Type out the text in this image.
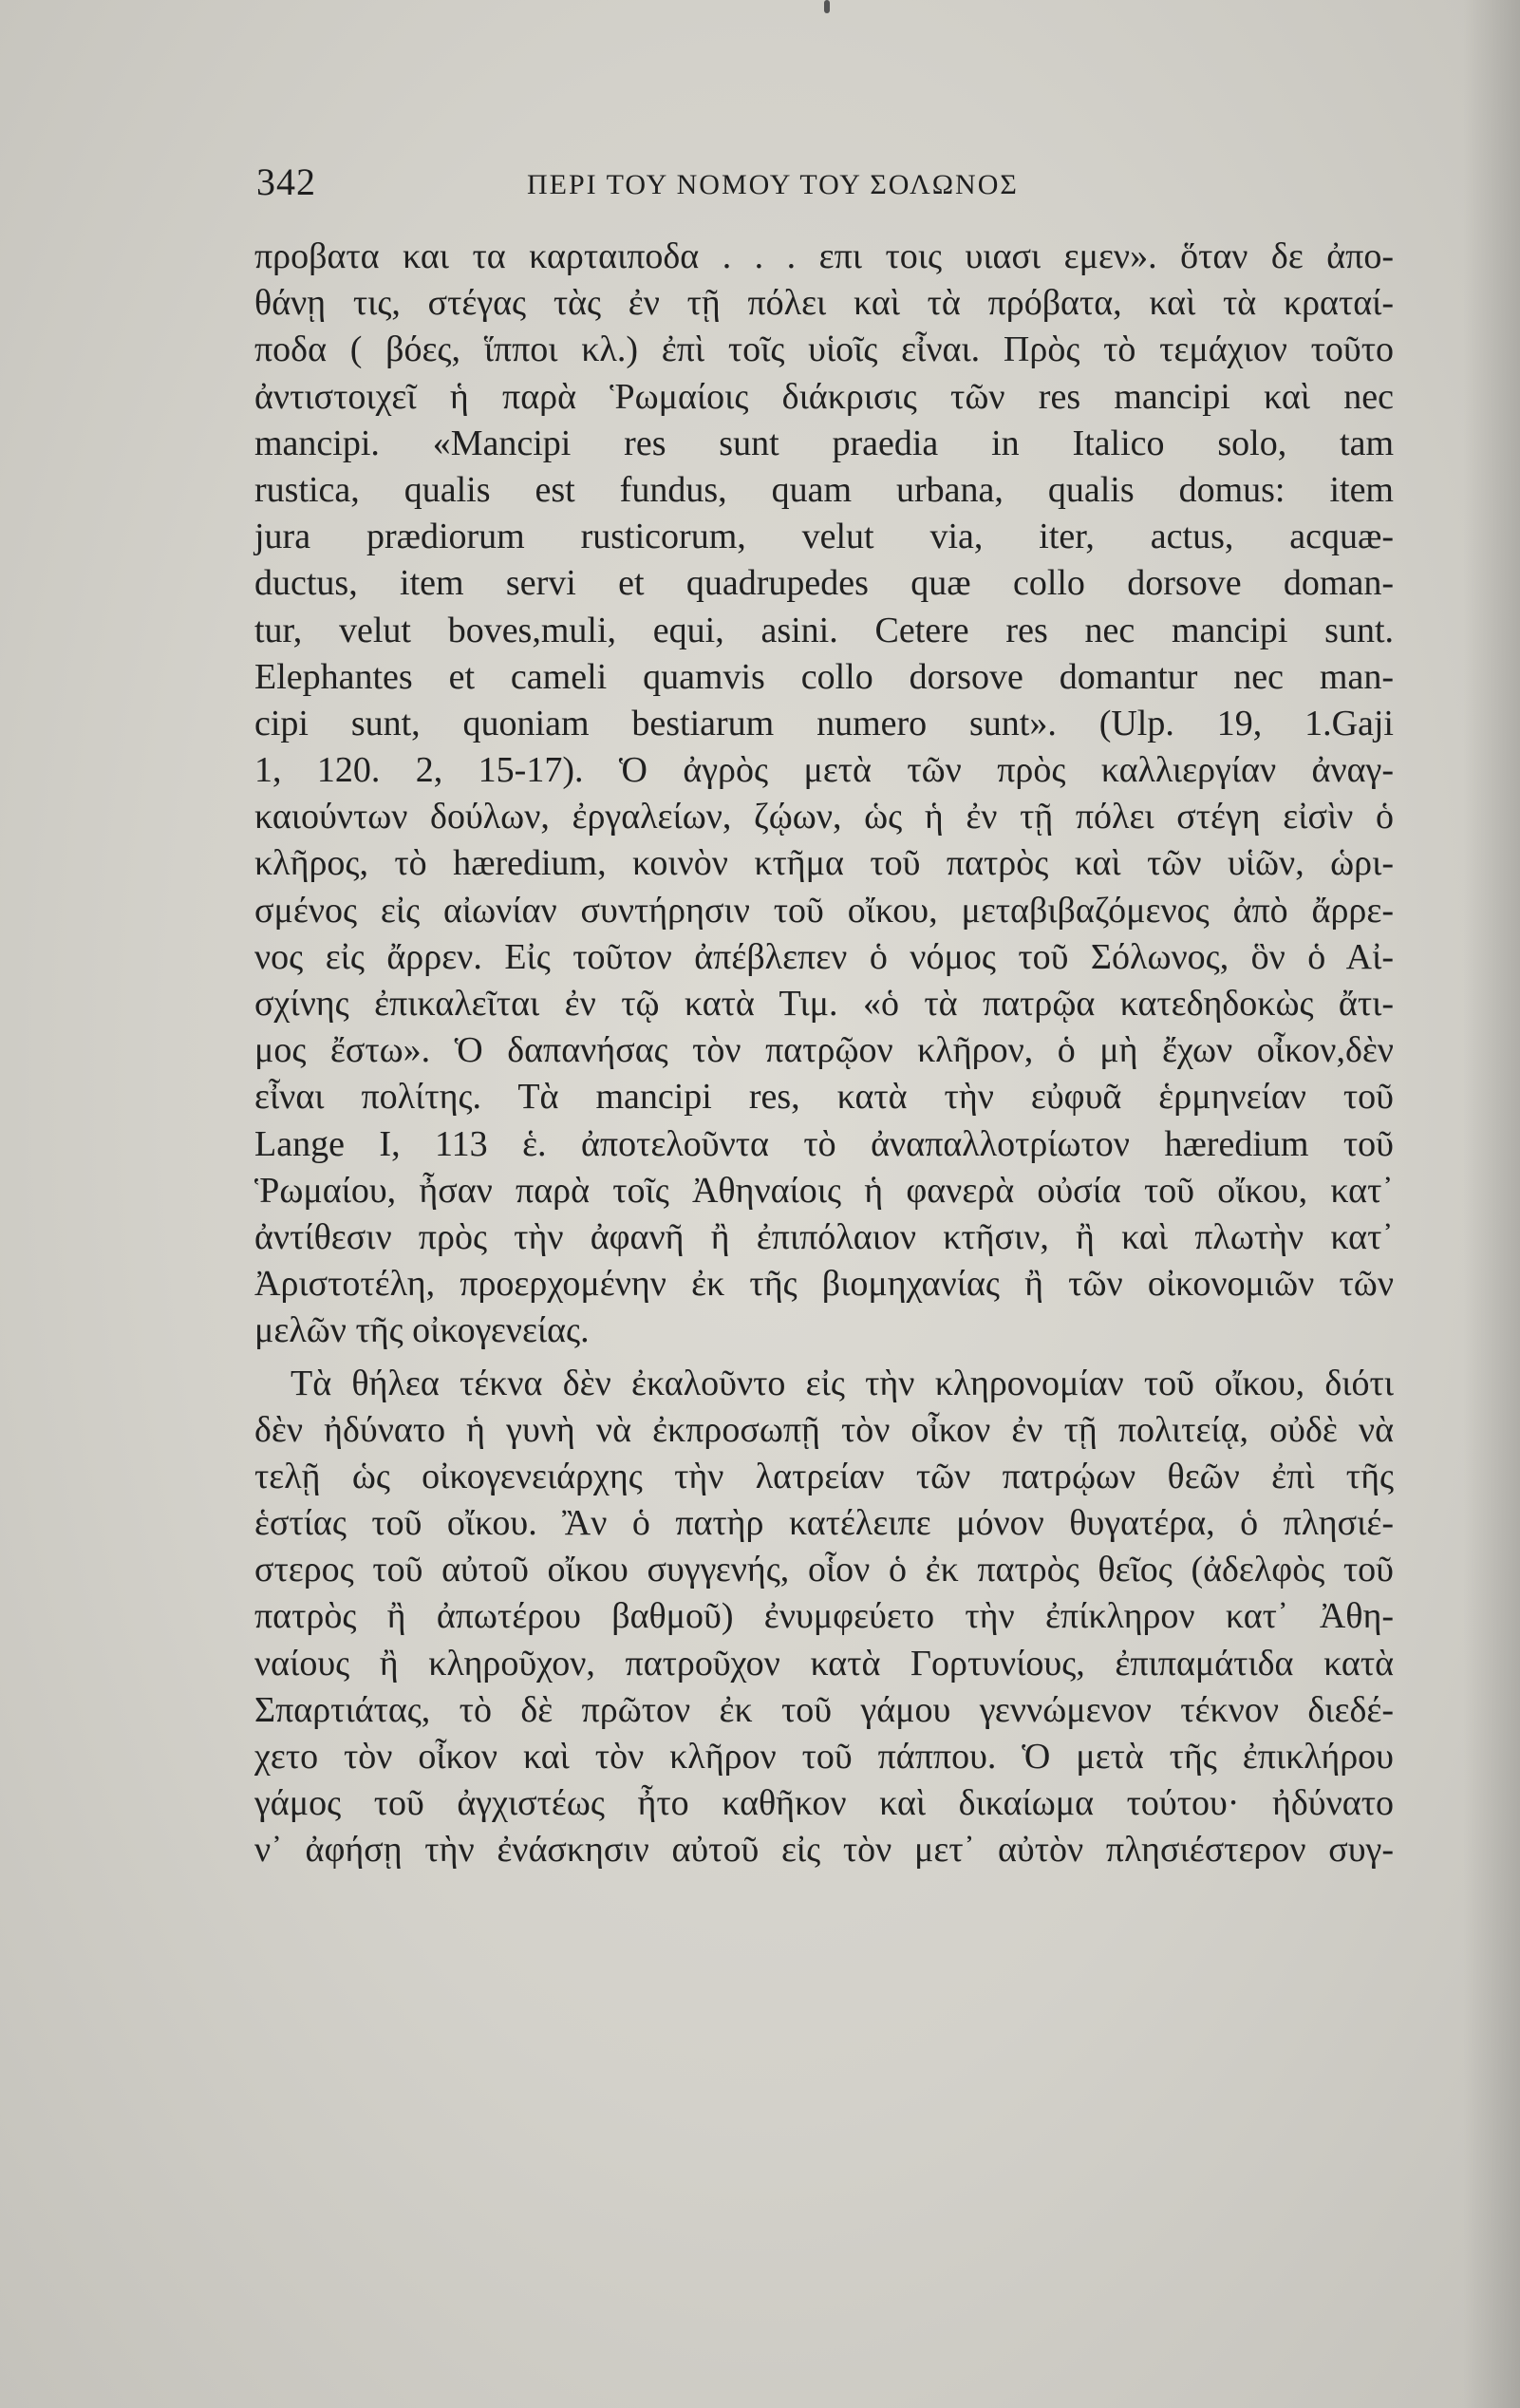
342	ΠΕΡΙ ΤΟΥ ΝΟΜΟΥ ΤΟΥ ΣΟΛΩΝΟΣ
προβατα και τα καρταιποδα . . . επι τοις υιασι εμεν». ὅταν δε ἀπο-
θάνῃ τις, στέγας τὰς ἐν τῇ πόλει καὶ τὰ πρόβατα, καὶ τὰ κραταί-
ποδα ( βόες, ἵπποι κλ.) ἐπὶ τοῖς υἱοῖς εἶναι. Πρὸς τὸ τεμάχιον τοῦτο
ἀντιστοιχεῖ ἡ παρὰ Ῥωμαίοις διάκρισις τῶν res mancipi καὶ nec
mancipi. «Mancipi res sunt praedia in Italico solo, tam
rustica, qualis est fundus, quam urbana, qualis domus: item
jura prædiorum rusticorum, velut via, iter, actus, acquæ-
ductus, item servi et quadrupedes quæ collo dorsove doman-
tur, velut boves,muli, equi, asini. Cetere res nec mancipi sunt.
Elephantes et cameli quamvis collo dorsove domantur nec man-
cipi sunt, quoniam bestiarum numero sunt». (Ulp. 19, 1.Gaji
1, 120. 2, 15-17). Ὁ ἀγρὸς μετὰ τῶν πρὸς καλλιεργίαν ἀναγ-
καιούντων δούλων, ἐργαλείων, ζῴων, ὡς ἡ ἐν τῇ πόλει στέγη εἰσὶν ὁ
κλῆρος, τὸ hæredium, κοινὸν κτῆμα τοῦ πατρὸς καὶ τῶν υἱῶν, ὡρι-
σμένος εἰς αἰωνίαν συντήρησιν τοῦ οἴκου, μεταβιβαζόμενος ἀπὸ ἄρρε-
νος εἰς ἄρρεν. Εἰς τοῦτον ἀπέβλεπεν ὁ νόμος τοῦ Σόλωνος, ὃν ὁ Αἰ-
σχίνης ἐπικαλεῖται ἐν τῷ κατὰ Τιμ. «ὁ τὰ πατρῷα κατεδηδοκὼς ἄτι-
μος ἔστω». Ὁ δαπανήσας τὸν πατρῷον κλῆρον, ὁ μὴ ἔχων οἶκον,δὲν
εἶναι πολίτης. Τὰ mancipi res, κατὰ τὴν εὐφυᾶ ἑρμηνείαν τοῦ
Lange I, 113 ἑ. ἀποτελοῦντα τὸ ἀναπαλλοτρίωτον hæredium τοῦ
Ῥωμαίου, ἦσαν παρὰ τοῖς Ἀθηναίοις ἡ φανερὰ οὐσία τοῦ οἴκου, κατ᾽
ἀντίθεσιν πρὸς τὴν ἀφανῆ ἢ ἐπιπόλαιον κτῆσιν, ἢ καὶ πλωτὴν κατ᾽
Ἀριστοτέλη, προερχομένην ἐκ τῆς βιομηχανίας ἢ τῶν οἰκονομιῶν τῶν
μελῶν τῆς οἰκογενείας.
Τὰ θήλεα τέκνα δὲν ἐκαλοῦντο εἰς τὴν κληρονομίαν τοῦ οἴκου, διότι
δὲν ἠδύνατο ἡ γυνὴ νὰ ἐκπροσωπῇ τὸν οἶκον ἐν τῇ πολιτείᾳ, οὐδὲ νὰ
τελῇ ὡς οἰκογενειάρχης τὴν λατρείαν τῶν πατρῴων θεῶν ἐπὶ τῆς
ἑστίας τοῦ οἴκου. Ἂν ὁ πατὴρ κατέλειπε μόνον θυγατέρα, ὁ πλησιέ-
στερος τοῦ αὐτοῦ οἴκου συγγενής, οἷον ὁ ἐκ πατρὸς θεῖος (ἀδελφὸς τοῦ
πατρὸς ἢ ἀπωτέρου βαθμοῦ) ἐνυμφεύετο τὴν ἐπίκληρον κατ᾽ Ἀθη-
ναίους ἢ κληροῦχον, πατροῦχον κατὰ Γορτυνίους, ἐπιπαμάτιδα κατὰ
Σπαρτιάτας, τὸ δὲ πρῶτον ἐκ τοῦ γάμου γεννώμενον τέκνον διεδέ-
χετο τὸν οἶκον καὶ τὸν κλῆρον τοῦ πάππου. Ὁ μετὰ τῆς ἐπικλήρου
γάμος τοῦ ἀγχιστέως ἦτο καθῆκον καὶ δικαίωμα τούτου· ἠδύνατο
ν᾽ ἀφήσῃ τὴν ἐνάσκησιν αὐτοῦ εἰς τὸν μετ᾽ αὐτὸν πλησιέστερον συγ-
